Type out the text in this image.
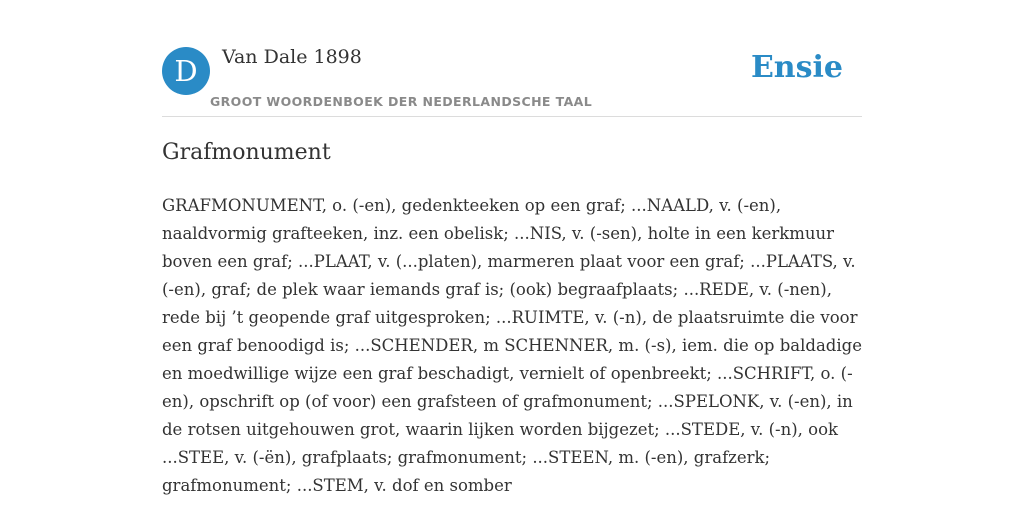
D	Van Dale 1898
GROOT WOORDENBOEK DER NEDERLANDSCHE TAAL
Ensie
Grafmonument

GRAFMONUMENT, o. (-en), gedenkteeken op een graf; ...NAALD, v. (-en), naaldvormig grafteeken, inz. een obelisk; ...NIS, v. (-sen), holte in een kerkmuur boven een graf; ...PLAAT, v. (...platen), marmeren plaat voor een graf; ...PLAATS, v. (-en), graf; de plek waar iemands graf is; (ook) begraafplaats; ...REDE, v. (-nen), rede bij ’t geopende graf uitgesproken; ...RUIMTE, v. (-n), de plaatsruimte die voor een graf benoodigd is; ...SCHENDER, m SCHENNER, m. (-s), iem. die op baldadige en moedwillige wijze een graf beschadigt, vernielt of openbreekt; ...SCHRIFT, o. (-en), opschrift op (of voor) een grafsteen of grafmonument; ...SPELONK, v. (-en), in de rotsen uitgehouwen grot, waarin lijken worden bijgezet; ...STEDE, v. (-n), ook ...STEE, v. (-ën), grafplaats; grafmonument; ...STEEN, m. (-en), grafzerk; grafmonument; ...STEM, v. dof en somber
